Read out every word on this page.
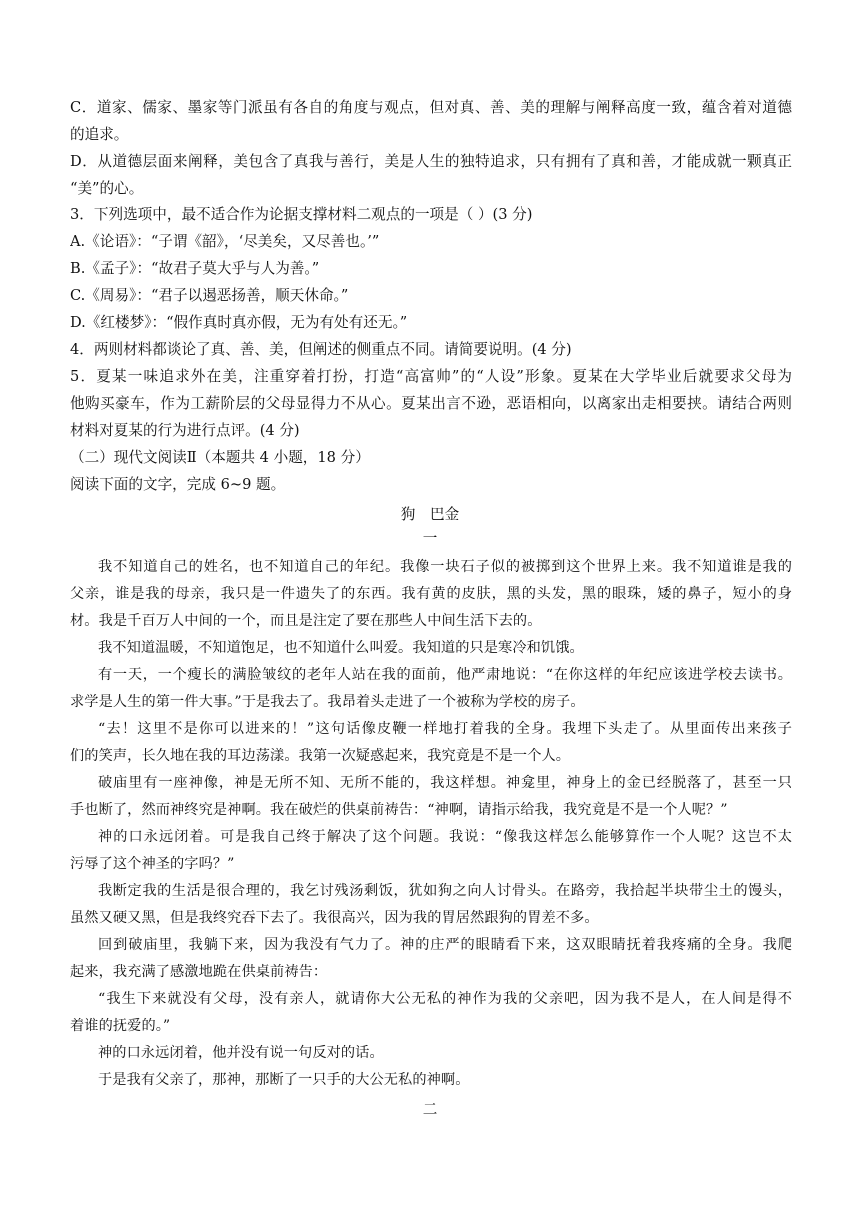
C．道家、儒家、墨家等门派虽有各自的角度与观点，但对真、善、美的理解与阐释高度一致，蕴含着对道德
的追求。
D．从道德层面来阐释，美包含了真我与善行，美是人生的独特追求，只有拥有了真和善，才能成就一颗真正
“美”的心。
3．下列选项中，最不适合作为论据支撑材料二观点的一项是（ ）(3 分)
A.《论语》：“子谓《韶》，‘尽美矣，又尽善也。’”
B.《孟子》：“故君子莫大乎与人为善。”
C.《周易》：“君子以遏恶扬善，顺天休命。”
D.《红楼梦》：“假作真时真亦假，无为有处有还无。”
4．两则材料都谈论了真、善、美，但阐述的侧重点不同。请简要说明。(4 分)
5．夏某一味追求外在美，注重穿着打扮，打造“高富帅”的“人设”形象。夏某在大学毕业后就要求父母为
他购买豪车，作为工薪阶层的父母显得力不从心。夏某出言不逊，恶语相向，以离家出走相要挟。请结合两则
材料对夏某的行为进行点评。(4 分)
（二）现代文阅读Ⅱ（本题共 4 小题，18 分）
阅读下面的文字，完成 6~9 题。
狗　巴金
一
我不知道自己的姓名，也不知道自己的年纪。我像一块石子似的被掷到这个世界上来。我不知道谁是我的
父亲，谁是我的母亲，我只是一件遗失了的东西。我有黄的皮肤，黑的头发，黑的眼珠，矮的鼻子，短小的身
材。我是千百万人中间的一个，而且是注定了要在那些人中间生活下去的。
我不知道温暖，不知道饱足，也不知道什么叫爱。我知道的只是寒冷和饥饿。
有一天，一个瘦长的满脸皱纹的老年人站在我的面前，他严肃地说：“在你这样的年纪应该进学校去读书。
求学是人生的第一件大事。”于是我去了。我昂着头走进了一个被称为学校的房子。
“去！这里不是你可以进来的！”这句话像皮鞭一样地打着我的全身。我埋下头走了。从里面传出来孩子
们的笑声，长久地在我的耳边荡漾。我第一次疑惑起来，我究竟是不是一个人。
破庙里有一座神像，神是无所不知、无所不能的，我这样想。神龛里，神身上的金已经脱落了，甚至一只
手也断了，然而神终究是神啊。我在破烂的供桌前祷告：“神啊，请指示给我，我究竟是不是一个人呢？”
神的口永远闭着。可是我自己终于解决了这个问题。我说：“像我这样怎么能够算作一个人呢？这岂不太
污辱了这个神圣的字吗？”
我断定我的生活是很合理的，我乞讨残汤剩饭，犹如狗之向人讨骨头。在路旁，我拾起半块带尘土的馒头，
虽然又硬又黑，但是我终究吞下去了。我很高兴，因为我的胃居然跟狗的胃差不多。
回到破庙里，我躺下来，因为我没有气力了。神的庄严的眼睛看下来，这双眼睛抚着我疼痛的全身。我爬
起来，我充满了感激地跪在供桌前祷告：
“我生下来就没有父母，没有亲人，就请你大公无私的神作为我的父亲吧，因为我不是人，在人间是得不
着谁的抚爱的。”
神的口永远闭着，他并没有说一句反对的话。
于是我有父亲了，那神，那断了一只手的大公无私的神啊。
二
